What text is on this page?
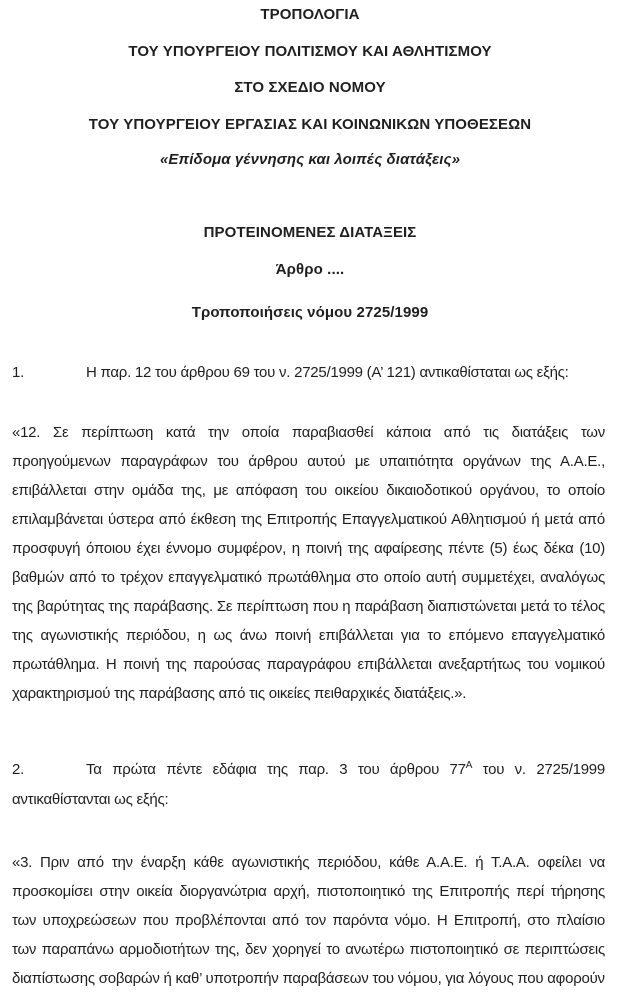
ΤΡΟΠΟΛΟΓΙΑ
ΤΟΥ ΥΠΟΥΡΓΕΙΟΥ ΠΟΛΙΤΙΣΜΟΥ ΚΑΙ ΑΘΛΗΤΙΣΜΟΥ
ΣΤΟ ΣΧΕΔΙΟ ΝΟΜΟΥ
ΤΟΥ ΥΠΟΥΡΓΕΙΟΥ ΕΡΓΑΣΙΑΣ ΚΑΙ ΚΟΙΝΩΝΙΚΩΝ ΥΠΟΘΕΣΕΩΝ
«Επίδομα γέννησης και λοιπές διατάξεις»
ΠΡΟΤΕΙΝΟΜΕΝΕΣ ΔΙΑΤΑΞΕΙΣ
Άρθρο ....
Τροποποιήσεις νόμου 2725/1999
1.	Η παρ. 12 του άρθρου 69 του ν. 2725/1999 (Α’ 121) αντικαθίσταται ως εξής:
«12. Σε περίπτωση κατά την οποία παραβιασθεί κάποια από τις διατάξεις των προηγούμενων παραγράφων του άρθρου αυτού με υπαιτιότητα οργάνων της Α.Α.Ε., επιβάλλεται στην ομάδα της, με απόφαση του οικείου δικαιοδοτικού οργάνου, το οποίο επιλαμβάνεται ύστερα από έκθεση της Επιτροπής Επαγγελματικού Αθλητισμού ή μετά από προσφυγή όποιου έχει έννομο συμφέρον, η ποινή της αφαίρεσης πέντε (5) έως δέκα (10) βαθμών από το τρέχον επαγγελματικό πρωτάθλημα στο οποίο αυτή συμμετέχει, αναλόγως της βαρύτητας της παράβασης. Σε περίπτωση που η παράβαση διαπιστώνεται μετά το τέλος της αγωνιστικής περιόδου, η ως άνω ποινή επιβάλλεται για το επόμενο επαγγελματικό πρωτάθλημα. Η ποινή της παρούσας παραγράφου επιβάλλεται ανεξαρτήτως του νομικού χαρακτηρισμού της παράβασης από τις οικείες πειθαρχικές διατάξεις.».
2.	Τα πρώτα πέντε εδάφια της παρ. 3 του άρθρου $77^A$ του ν. 2725/1999 αντικαθίστανται ως εξής:
«3. Πριν από την έναρξη κάθε αγωνιστικής περιόδου, κάθε Α.Α.Ε. ή Τ.Α.Α. οφείλει να προσκομίσει στην οικεία διοργανώτρια αρχή, πιστοποιητικό της Επιτροπής περί τήρησης των υποχρεώσεων που προβλέπονται από τον παρόντα νόμο. Η Επιτροπή, στο πλαίσιο των παραπάνω αρμοδιοτήτων της, δεν χορηγεί το ανωτέρω πιστοποιητικό σε περιπτώσεις διαπίστωσης σοβαρών ή καθ’ υποτροπήν παραβάσεων του νόμου, για λόγους που αφορούν
